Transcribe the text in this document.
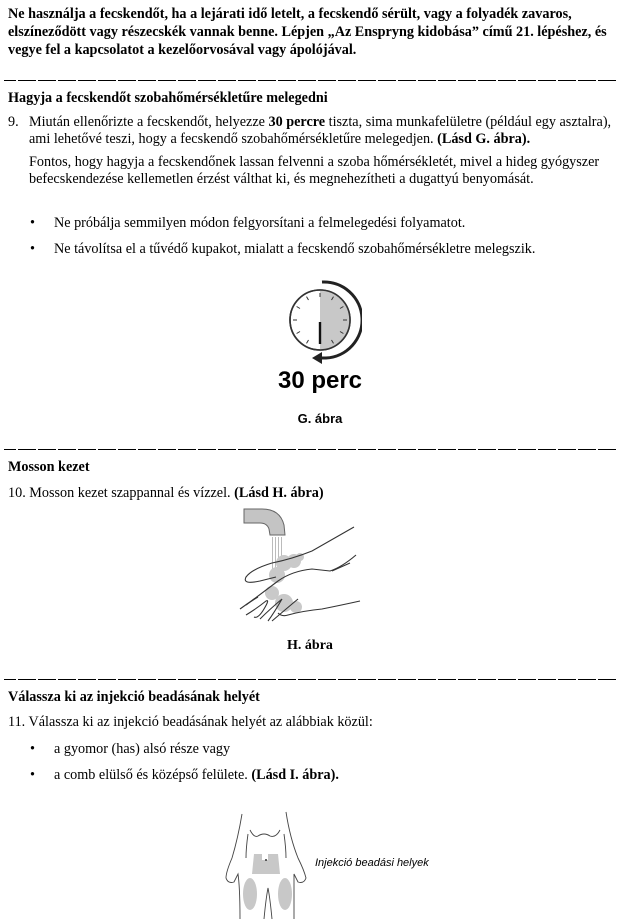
Ne használja a fecskendőt, ha a lejárati idő letelt, a fecskendő sérült, vagy a folyadék zavaros, elszíneződött vagy részecskék vannak benne. Lépjen „Az Enspryng kidobása” című 21. lépéshez, és vegye fel a kapcsolatot a kezelőorvosával vagy ápolójával.
Hagyja a fecskendőt szobahőmérsékletűre melegedni
9. Miután ellenőrizte a fecskendőt, helyezze 30 percre tiszta, sima munkafelületre (például egy asztalra), ami lehetővé teszi, hogy a fecskendő szobahőmérsékletűre melegedjen. (Lásd G. ábra).
Fontos, hogy hagyja a fecskendőnek lassan felvenni a szoba hőmérsékletét, mivel a hideg gyógyszer befecskendezése kellemetlen érzést válthat ki, és megnehezítheti a dugattyú benyomását.
• Ne próbálja semmilyen módon felgyorsítani a felmelegedési folyamatot.
• Ne távolítsa el a tűvédő kupakot, mialatt a fecskendő szobahőmérsékletre melegszik.
30 perc
G. ábra
Mosson kezet
10. Mosson kezet szappannal és vízzel. (Lásd H. ábra)
H. ábra
Válassza ki az injekció beadásának helyét
11. Válassza ki az injekció beadásának helyét az alábbiak közül:
• a gyomor (has) alsó része vagy
• a comb elülső és középső felülete. (Lásd I. ábra).
Injekció beadási helyek
